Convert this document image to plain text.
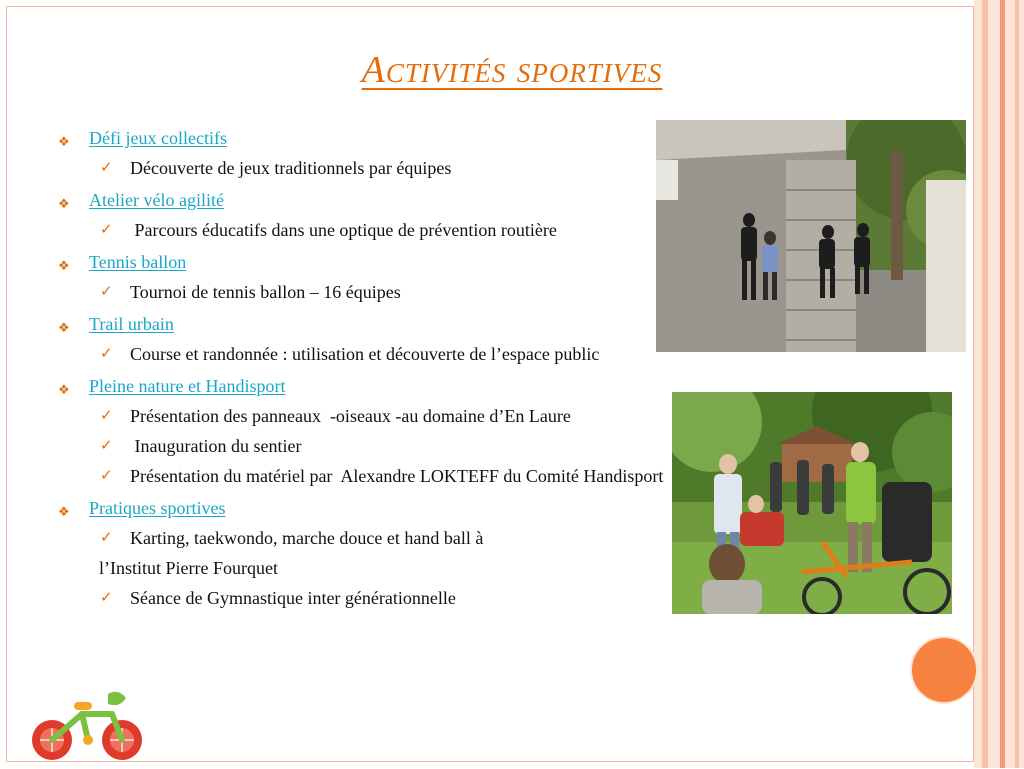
Activités sportives
❖ Défi jeux collectifs
✓ Découverte de jeux traditionnels par équipes
❖ Atelier vélo agilité
✓ Parcours éducatifs dans une optique de prévention routière
❖ Tennis ballon
✓ Tournoi de tennis ballon – 16 équipes
❖ Trail urbain
✓ Course et randonnée : utilisation et découverte de l’espace public
❖ Pleine nature et Handisport
✓ Présentation des panneaux  -oiseaux -au domaine d’En Laure
✓ Inauguration du sentier
✓ Présentation du matériel par  Alexandre LOKTEFF du Comité Handisport
❖ Pratiques sportives
✓ Karting, taekwondo, marche douce et hand ball à
l’Institut Pierre Fourquet
✓ Séance de Gymnastique inter générationnelle
